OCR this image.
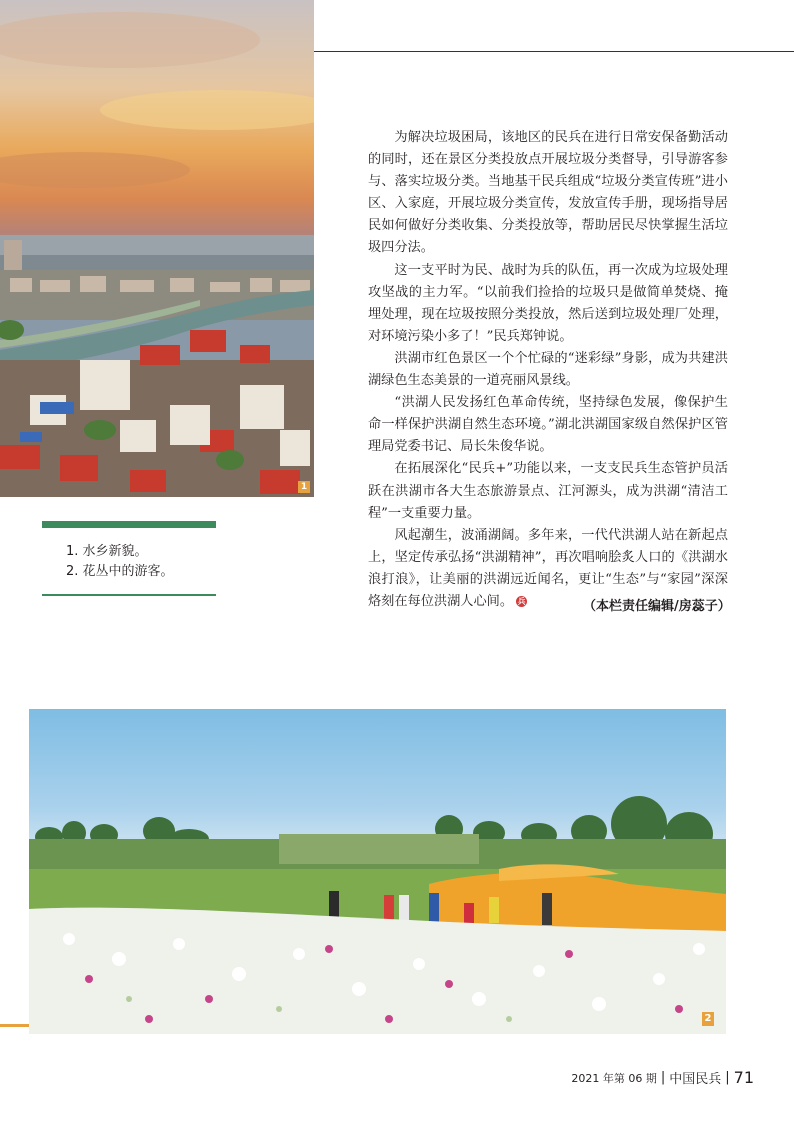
1
1. 水乡新貌。
2. 花丛中的游客。

为解决垃圾困局，该地区的民兵在进行日常安保备勤活动的同时，还在景区分类投放点开展垃圾分类督导，引导游客参与、落实垃圾分类。当地基干民兵组成“垃圾分类宣传班”进小区、入家庭，开展垃圾分类宣传，发放宣传手册，现场指导居民如何做好分类收集、分类投放等，帮助居民尽快掌握生活垃圾四分法。

这一支平时为民、战时为兵的队伍，再一次成为垃圾处理攻坚战的主力军。“以前我们捡拾的垃圾只是做简单焚烧、掩埋处理，现在垃圾按照分类投放，然后送到垃圾处理厂处理，对环境污染小多了！”民兵郑钟说。

洪湖市红色景区一个个忙碌的“迷彩绿”身影，成为共建洪湖绿色生态美景的一道亮丽风景线。

“洪湖人民发扬红色革命传统，坚持绿色发展，像保护生命一样保护洪湖自然生态环境。”湖北洪湖国家级自然保护区管理局党委书记、局长朱俊华说。

在拓展深化“民兵+”功能以来，一支支民兵生态管护员活跃在洪湖市各大生态旅游景点、江河源头，成为洪湖“清洁工程”一支重要力量。

风起潮生，波涌湖阔。多年来，一代代洪湖人站在新起点上，坚定传承弘扬“洪湖精神”，再次唱响脍炙人口的《洪湖水浪打浪》，让美丽的洪湖远近闻名，更让“生态”与“家园”深深烙刻在每位洪湖人心间。 兵	（本栏责任编辑/房蕊子）
2
2021 年第 06 期 | 中国民兵 | 71
